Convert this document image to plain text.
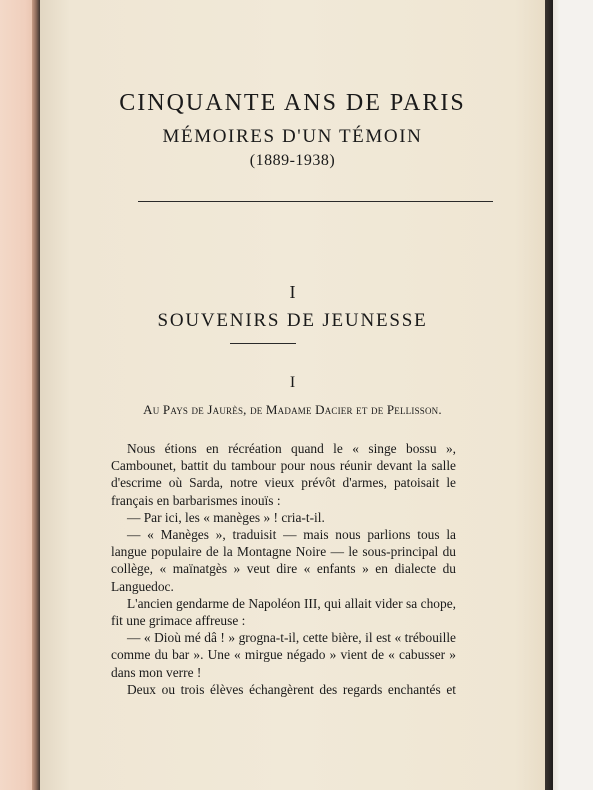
CINQUANTE ANS DE PARIS
MÉMOIRES D'UN TÉMOIN
(1889-1938)
I
SOUVENIRS DE JEUNESSE
I
Au Pays de Jaurès, de Madame Dacier et de Pellisson.

Nous étions en récréation quand le « singe bossu », Cambounet, battit du tambour pour nous réunir devant la salle d'escrime où Sarda, notre vieux prévôt d'armes, patoisait le français en barbarismes inouïs :

— Par ici, les « manèges » ! cria-t-il.

— « Manèges », traduisit — mais nous parlions tous la langue populaire de la Montagne Noire — le sous-principal du collège, « maïnatgès » veut dire « enfants » en dialecte du Languedoc.

L'ancien gendarme de Napoléon III, qui allait vider sa chope, fit une grimace affreuse :

— « Dioù mé dâ ! » grogna-t-il, cette bière, il est « trébouille comme du bar ». Une « mirgue négado » vient de « cabusser » dans mon verre !

Deux ou trois élèves échangèrent des regards enchantés et
